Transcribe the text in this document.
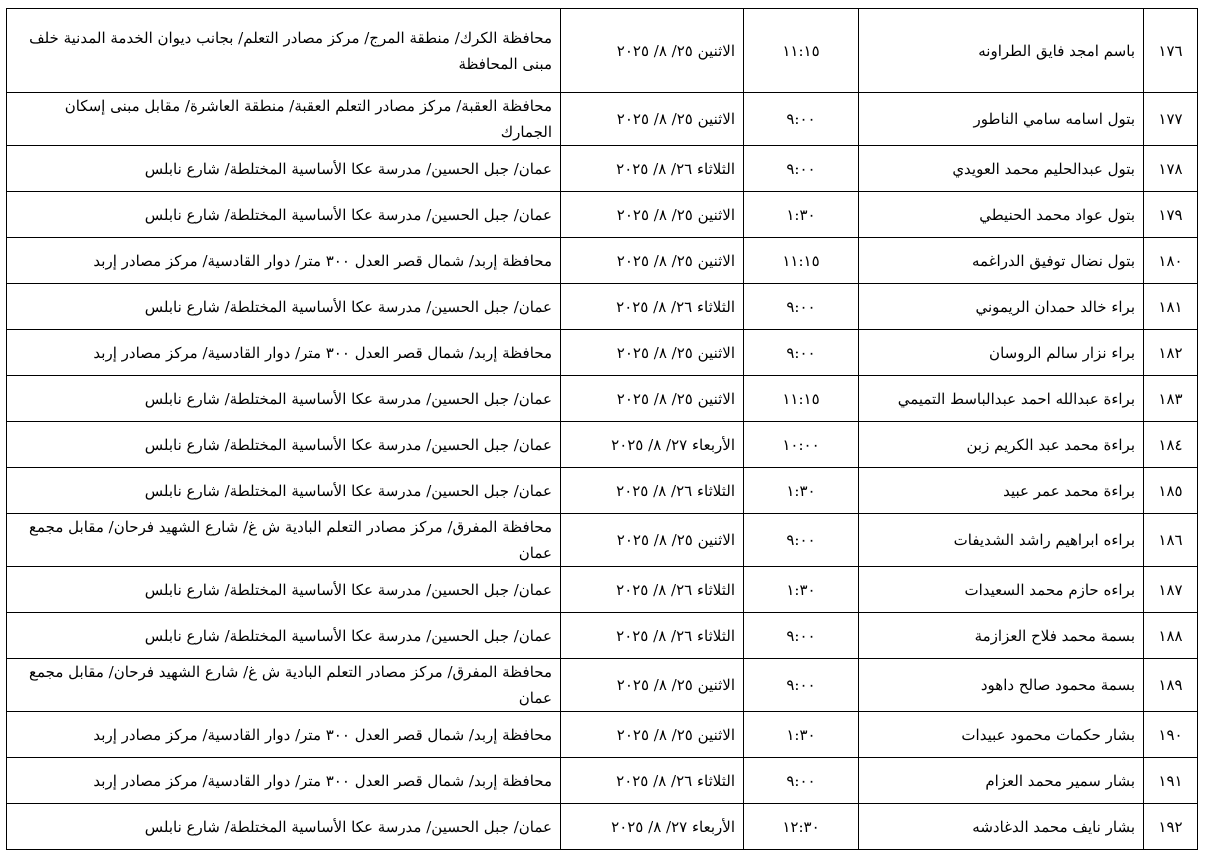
١٧٦	باسم امجد فايق الطراونه	١١:١٥	الاثنين ٢٥/ ٨/ ٢٠٢٥	محافظة الكرك/ منطقة المرج/ مركز مصادر التعلم/ بجانب ديوان الخدمة المدنية خلف مبنى المحافظة
١٧٧	بتول اسامه سامي الناطور	٩:٠٠	الاثنين ٢٥/ ٨/ ٢٠٢٥	محافظة العقبة/ مركز مصادر التعلم العقبة/ منطقة العاشرة/ مقابل مبنى إسكان الجمارك
١٧٨	بتول عبدالحليم محمد العويدي	٩:٠٠	الثلاثاء ٢٦/ ٨/ ٢٠٢٥	عمان/ جبل الحسين/ مدرسة عكا الأساسية المختلطة/ شارع نابلس
١٧٩	بتول عواد محمد الحنيطي	١:٣٠	الاثنين ٢٥/ ٨/ ٢٠٢٥	عمان/ جبل الحسين/ مدرسة عكا الأساسية المختلطة/ شارع نابلس
١٨٠	بتول نضال توفيق الدراغمه	١١:١٥	الاثنين ٢٥/ ٨/ ٢٠٢٥	محافظة إربد/ شمال قصر العدل ٣٠٠ متر/ دوار القادسية/ مركز مصادر إربد
١٨١	براء خالد حمدان الريموني	٩:٠٠	الثلاثاء ٢٦/ ٨/ ٢٠٢٥	عمان/ جبل الحسين/ مدرسة عكا الأساسية المختلطة/ شارع نابلس
١٨٢	براء نزار سالم الروسان	٩:٠٠	الاثنين ٢٥/ ٨/ ٢٠٢٥	محافظة إربد/ شمال قصر العدل ٣٠٠ متر/ دوار القادسية/ مركز مصادر إربد
١٨٣	براءة عبدالله احمد عبدالباسط التميمي	١١:١٥	الاثنين ٢٥/ ٨/ ٢٠٢٥	عمان/ جبل الحسين/ مدرسة عكا الأساسية المختلطة/ شارع نابلس
١٨٤	براءة محمد عبد الكريم زبن	١٠:٠٠	الأربعاء ٢٧/ ٨/ ٢٠٢٥	عمان/ جبل الحسين/ مدرسة عكا الأساسية المختلطة/ شارع نابلس
١٨٥	براءة محمد عمر عبيد	١:٣٠	الثلاثاء ٢٦/ ٨/ ٢٠٢٥	عمان/ جبل الحسين/ مدرسة عكا الأساسية المختلطة/ شارع نابلس
١٨٦	براءه ابراهيم راشد الشديفات	٩:٠٠	الاثنين ٢٥/ ٨/ ٢٠٢٥	محافظة المفرق/ مركز مصادر التعلم البادية ش غ/ شارع الشهيد فرحان/ مقابل مجمع عمان
١٨٧	براءه حازم محمد السعيدات	١:٣٠	الثلاثاء ٢٦/ ٨/ ٢٠٢٥	عمان/ جبل الحسين/ مدرسة عكا الأساسية المختلطة/ شارع نابلس
١٨٨	بسمة محمد فلاح العزازمة	٩:٠٠	الثلاثاء ٢٦/ ٨/ ٢٠٢٥	عمان/ جبل الحسين/ مدرسة عكا الأساسية المختلطة/ شارع نابلس
١٨٩	بسمة محمود صالح داهود	٩:٠٠	الاثنين ٢٥/ ٨/ ٢٠٢٥	محافظة المفرق/ مركز مصادر التعلم البادية ش غ/ شارع الشهيد فرحان/ مقابل مجمع عمان
١٩٠	بشار حكمات محمود عبيدات	١:٣٠	الاثنين ٢٥/ ٨/ ٢٠٢٥	محافظة إربد/ شمال قصر العدل ٣٠٠ متر/ دوار القادسية/ مركز مصادر إربد
١٩١	بشار سمير محمد العزام	٩:٠٠	الثلاثاء ٢٦/ ٨/ ٢٠٢٥	محافظة إربد/ شمال قصر العدل ٣٠٠ متر/ دوار القادسية/ مركز مصادر إربد
١٩٢	بشار نايف محمد الدغادشه	١٢:٣٠	الأربعاء ٢٧/ ٨/ ٢٠٢٥	عمان/ جبل الحسين/ مدرسة عكا الأساسية المختلطة/ شارع نابلس
